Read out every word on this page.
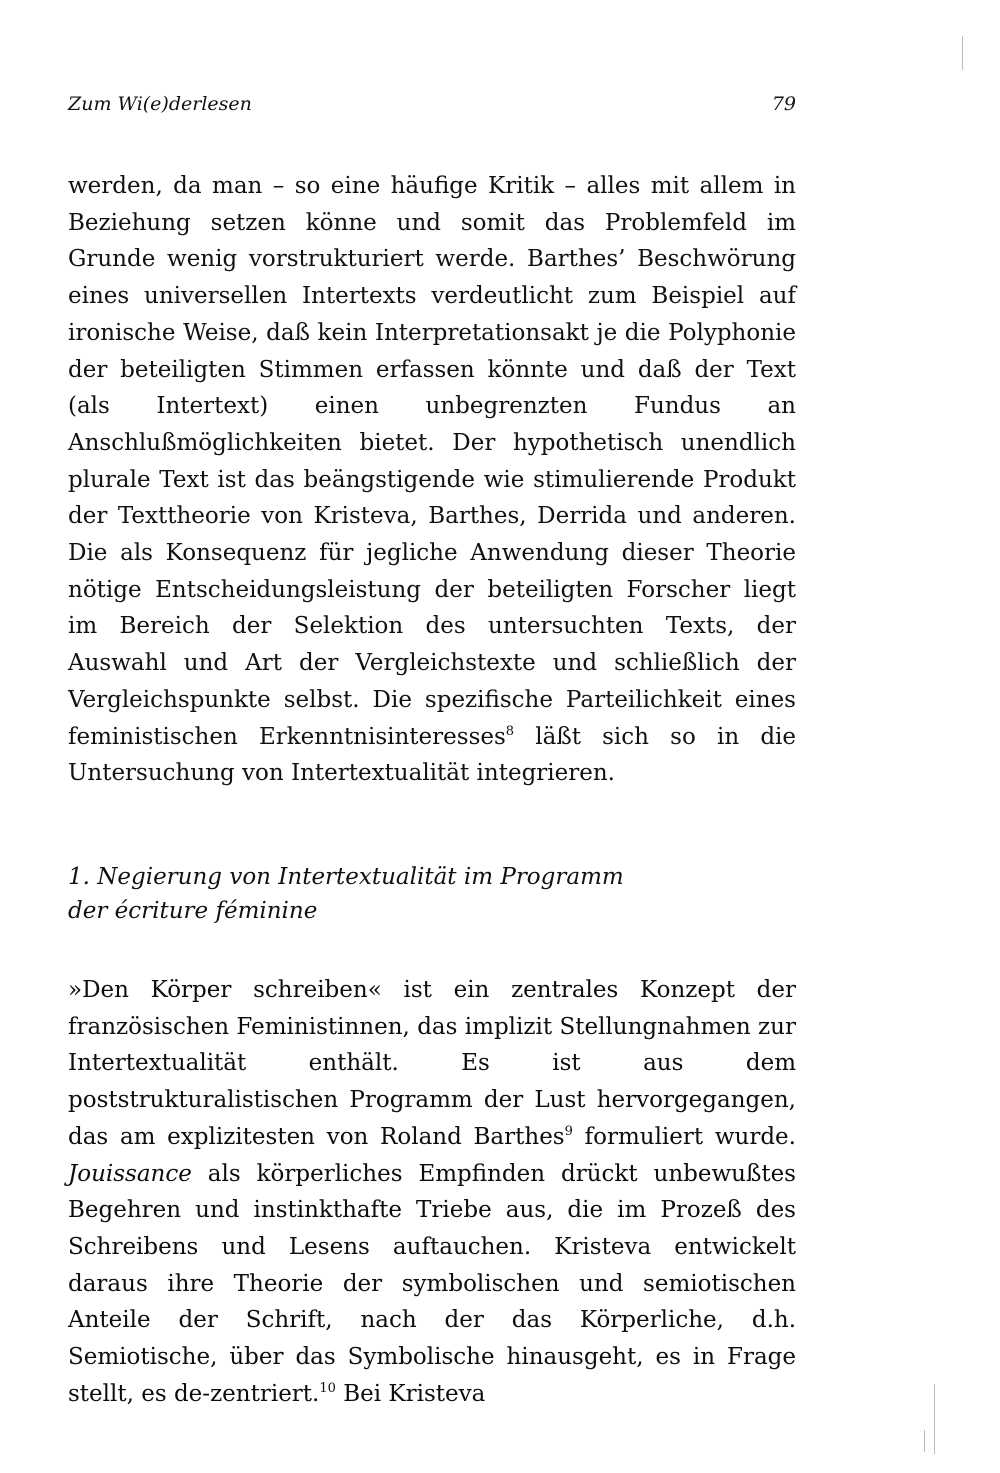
Zum Wi(e)derlesen	79

werden, da man – so eine häufige Kritik – alles mit allem in Beziehung setzen könne und somit das Problemfeld im Grunde wenig vorstrukturiert werde. Barthes’ Beschwörung eines universellen Intertexts verdeutlicht zum Beispiel auf ironische Weise, daß kein Interpretationsakt je die Polyphonie der beteiligten Stimmen erfassen könnte und daß der Text (als Intertext) einen unbegrenzten Fundus an Anschlußmöglichkeiten bietet. Der hypothetisch unendlich plurale Text ist das beängstigende wie stimulierende Produkt der Texttheorie von Kristeva, Barthes, Derrida und anderen. Die als Konsequenz für jegliche Anwendung dieser Theorie nötige Entscheidungsleistung der beteiligten Forscher liegt im Bereich der Selektion des untersuchten Texts, der Auswahl und Art der Vergleichstexte und schließlich der Vergleichspunkte selbst. Die spezifische Parteilichkeit eines feministischen Erkenntnisinteresses$^8$ läßt sich so in die Untersuchung von Intertextualität integrieren.

1. Negierung von Intertextualität im Programm
der écriture féminine

»Den Körper schreiben« ist ein zentrales Konzept der französischen Feministinnen, das implizit Stellungnahmen zur Intertextualität enthält. Es ist aus dem poststrukturalistischen Programm der Lust hervorgegangen, das am explizitesten von Roland Barthes$^9$ formuliert wurde. Jouissance als körperliches Empfinden drückt unbewußtes Begehren und instinkthafte Triebe aus, die im Prozeß des Schreibens und Lesens auftauchen. Kristeva entwickelt daraus ihre Theorie der symbolischen und semiotischen Anteile der Schrift, nach der das Körperliche, d.h. Semiotische, über das Symbolische hinausgeht, es in Frage stellt, es de-zentriert.$^{10}$ Bei Kristeva
